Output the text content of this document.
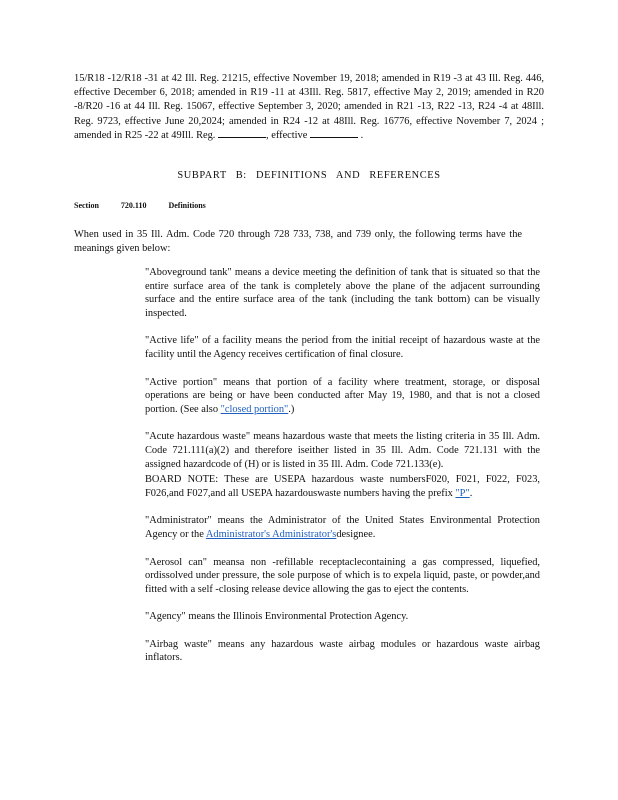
15/R18 -12/R18 -31 at 42 Ill. Reg. 21215, effective November 19, 2018; amended in R19 -3 at 43 Ill. Reg. 446, effective December 6, 2018; amended in R19 -11 at 43Ill. Reg. 5817, effective May 2, 2019; amended in R20 -8/R20 -16 at 44 Ill. Reg. 15067, effective September 3, 2020; amended in R21 -13, R22 -13, R24 -4 at 48Ill. Reg. 9723, effective June 20,2024; amended in R24 -12 at 48Ill. Reg. 16776, effective November 7, 2024 ; amended in R25 -22 at 49Ill. Reg.	, effective	.
SUBPART B: DEFINITIONS AND REFERENCES
Section	720.110	Definitions
When used in 35 Ill. Adm. Code 720 through 728 733, 738, and 739 only, the following terms have the meanings given below:

"Aboveground tank" means a device meeting the definition of tank that is situated so that the entire surface area of the tank is completely above the plane of the adjacent surrounding surface and the entire surface area of the tank (including the tank bottom) can be visually inspected.

"Active life" of a facility means the period from the initial receipt of hazardous waste at the facility until the Agency receives certification of final closure.

"Active portion" means that portion of a facility where treatment, storage, or disposal operations are being or have been conducted after May 19, 1980, and that is not a closed portion. (See also "closed portion".)

"Acute hazardous waste" means hazardous waste that meets the listing criteria in 35 Ill. Adm. Code 721.111(a)(2) and therefore iseither listed in 35 Ill. Adm. Code 721.131 with the assigned hazardcode of (H) or is listed in 35 Ill. Adm. Code 721.133(e).

BOARD NOTE: These are USEPA hazardous waste numbersF020, F021, F022, F023, F026,and F027,and all USEPA hazardouswaste numbers having the prefix "P".

"Administrator" means the Administrator of the United States Environmental Protection Agency or the Administrator's Administrator'sdesignee.

"Aerosol can" meansa non -refillable receptaclecontaining a gas compressed, liquefied, ordissolved under pressure, the sole purpose of which is to expela liquid, paste, or powder,and fitted with a self -closing release device allowing the gas to eject the contents.

"Agency" means the Illinois Environmental Protection Agency.

"Airbag waste" means any hazardous waste airbag modules or hazardous waste airbag inflators.
